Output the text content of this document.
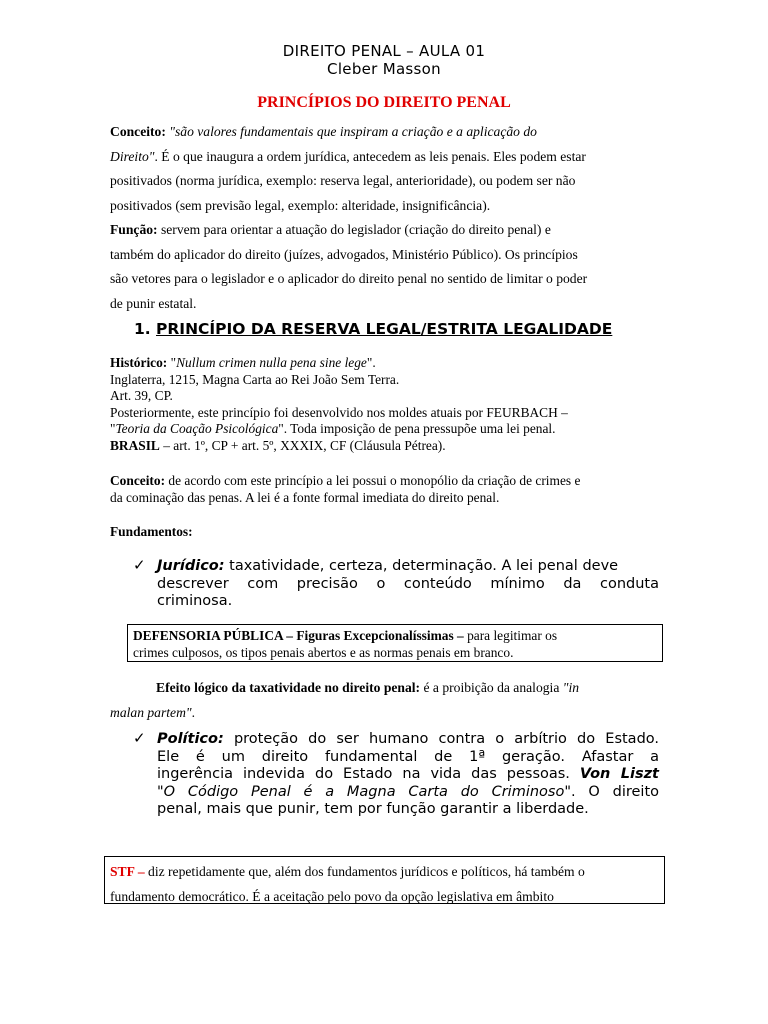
DIREITO PENAL – AULA 01
Cleber Masson
PRINCÍPIOS DO DIREITO PENAL

Conceito: "são valores fundamentais que inspiram a criação e a aplicação do

Direito". É o que inaugura a ordem jurídica, antecedem as leis penais. Eles podem estar

positivados (norma jurídica, exemplo: reserva legal, anterioridade), ou podem ser não

positivados (sem previsão legal, exemplo: alteridade, insignificância).

Função: servem para orientar a atuação do legislador (criação do direito penal) e

também do aplicador do direito (juízes, advogados, Ministério Público). Os princípios

são vetores para o legislador e o aplicador do direito penal no sentido de limitar o poder

de punir estatal.

1. PRINCÍPIO DA RESERVA LEGAL/ESTRITA LEGALIDADE

Histórico: "Nullum crimen nulla pena sine lege".

Inglaterra, 1215, Magna Carta ao Rei João Sem Terra.

Art. 39, CP.

Posteriormente, este princípio foi desenvolvido nos moldes atuais por FEURBACH –

"Teoria da Coação Psicológica". Toda imposição de pena pressupõe uma lei penal.

BRASIL – art. 1º, CP + art. 5º, XXXIX, CF (Cláusula Pétrea).

Conceito: de acordo com este princípio a lei possui o monopólio da criação de crimes e

da cominação das penas. A lei é a fonte formal imediata do direito penal.

Fundamentos:
✓ Jurídico: taxatividade, certeza, determinação. A lei penal deve
descrever com precisão o conteúdo mínimo da conduta
criminosa.
DEFENSORIA PÚBLICA – Figuras Excepcionalíssimas – para legitimar os
crimes culposos, os tipos penais abertos e as normas penais em branco.

Efeito lógico da taxatividade no direito penal: é a proibição da analogia "in

malan partem".

✓ Político: proteção do ser humano contra o arbítrio do Estado.
Ele é um direito fundamental de 1ª geração. Afastar a
ingerência indevida do Estado na vida das pessoas. Von Liszt
"O Código Penal é a Magna Carta do Criminoso". O direito
penal, mais que punir, tem por função garantir a liberdade.
STF – diz repetidamente que, além dos fundamentos jurídicos e políticos, há também o
fundamento democrático. É a aceitação pelo povo da opção legislativa em âmbito
